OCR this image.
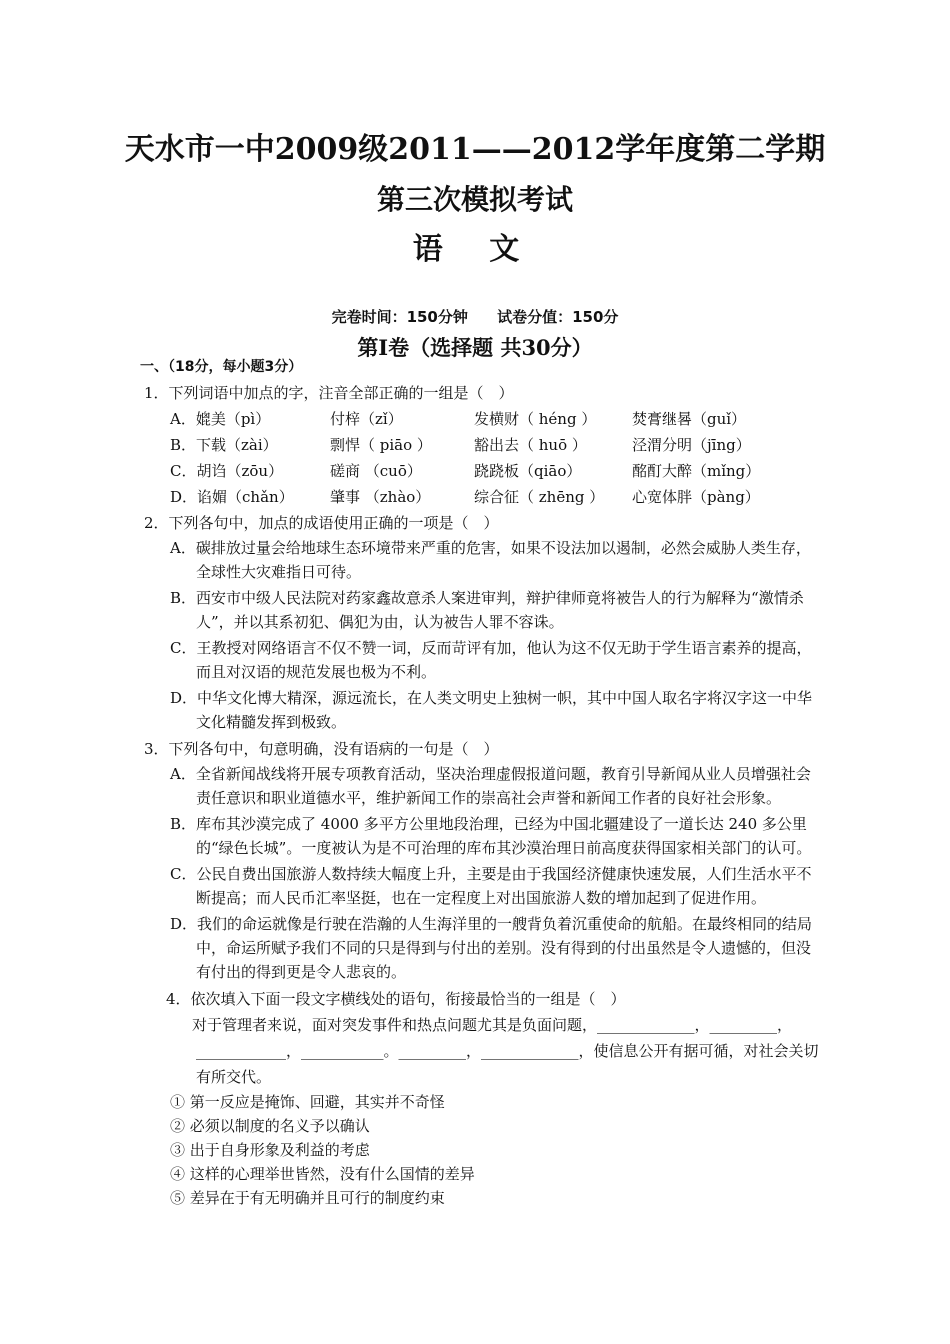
天水市一中2009级2011——2012学年度第二学期
第三次模拟考试
语 文
完卷时间：150分钟 试卷分值：150分
第Ⅰ卷（选择题 共30分）
一、（18分，每小题3分）
1．下列词语中加点的字，注音全部正确的一组是（　）
A．媲美（pì）	付梓（zǐ）	发横财（ héng ）	焚膏继晷（guǐ）
B．下载（zài）	剽悍（ piāo ）	豁出去（ huō ）	泾渭分明（jīng）
C．胡诌（zōu）	磋商 （cuō）	跷跷板（qiāo）	酩酊大醉（mǐng）
D．谄媚（chǎn）	肇事 （zhào）	综合征（ zhēng ）	心宽体胖（pàng）
2．下列各句中，加点的成语使用正确的一项是（　）
A．碳排放过量会给地球生态环境带来严重的危害，如果不设法加以遏制，必然会威胁人类生存，全球性大灾难指日可待。
B．西安市中级人民法院对药家鑫故意杀人案进审判，辩护律师竟将被告人的行为解释为“激情杀人”，并以其系初犯、偶犯为由，认为被告人罪不容诛。
C．王教授对网络语言不仅不赞一词，反而苛评有加，他认为这不仅无助于学生语言素养的提高，而且对汉语的规范发展也极为不利。
D．中华文化博大精深，源远流长，在人类文明史上独树一帜，其中中国人取名字将汉字这一中华文化精髓发挥到极致。
3．下列各句中，句意明确，没有语病的一句是（　）
A．全省新闻战线将开展专项教育活动，坚决治理虚假报道问题，教育引导新闻从业人员增强社会责任意识和职业道德水平，维护新闻工作的崇高社会声誉和新闻工作者的良好社会形象。
B．库布其沙漠完成了 4000 多平方公里地段治理，已经为中国北疆建设了一道长达 240 多公里的“绿色长城”。一度被认为是不可治理的库布其沙漠治理日前高度获得国家相关部门的认可。
C．公民自费出国旅游人数持续大幅度上升，主要是由于我国经济健康快速发展，人们生活水平不断提高；而人民币汇率坚挺，也在一定程度上对出国旅游人数的增加起到了促进作用。
D．我们的命运就像是行驶在浩瀚的人生海洋里的一艘背负着沉重使命的航船。在最终相同的结局中，命运所赋予我们不同的只是得到与付出的差别。没有得到的付出虽然是令人遗憾的，但没有付出的得到更是令人悲哀的。
4．依次填入下面一段文字横线处的语句，衔接最恰当的一组是（　）
对于管理者来说，面对突发事件和热点问题尤其是负面问题，_____________，_________，____________，___________。_________，_____________，使信息公开有据可循，对社会关切有所交代。
① 第一反应是掩饰、回避，其实并不奇怪
② 必须以制度的名义予以确认
③ 出于自身形象及利益的考虑
④ 这样的心理举世皆然，没有什么国情的差异
⑤ 差异在于有无明确并且可行的制度约束
